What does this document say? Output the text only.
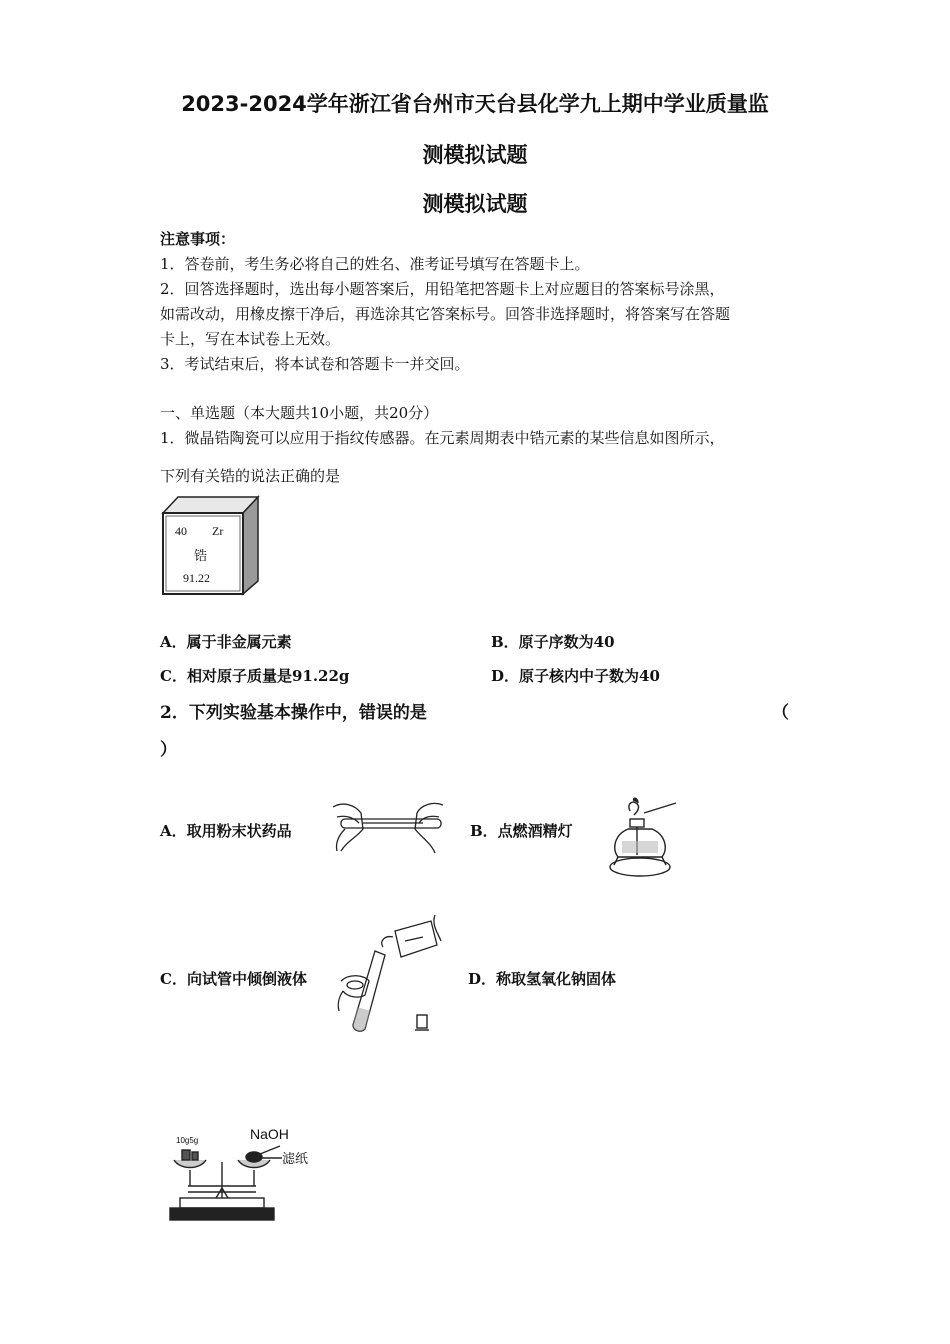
2023-2024学年浙江省台州市天台县化学九上期中学业质量监
测模拟试题
测模拟试题
注意事项：
1．答卷前，考生务必将自己的姓名、准考证号填写在答题卡上。
2．回答选择题时，选出每小题答案后，用铅笔把答题卡上对应题目的答案标号涂黑，
如需改动，用橡皮擦干净后，再选涂其它答案标号。回答非选择题时，将答案写在答题
卡上，写在本试卷上无效。
3．考试结束后，将本试卷和答题卡一并交回。
一、单选题（本大题共10小题，共20分）
1．微晶锆陶瓷可以应用于指纹传感器。在元素周期表中锆元素的某些信息如图所示，
下列有关锆的说法正确的是
40 Zr
锆
91.22
A．属于非金属元素	B．原子序数为40
C．相对原子质量是91.22g	D．原子核内中子数为40
2．下列实验基本操作中，错误的是	（
）
A．取用粉末状药品	B．点燃酒精灯
C．向试管中倾倒液体	D．称取氢氧化钠固体
10g5g	NaOH
滤纸
